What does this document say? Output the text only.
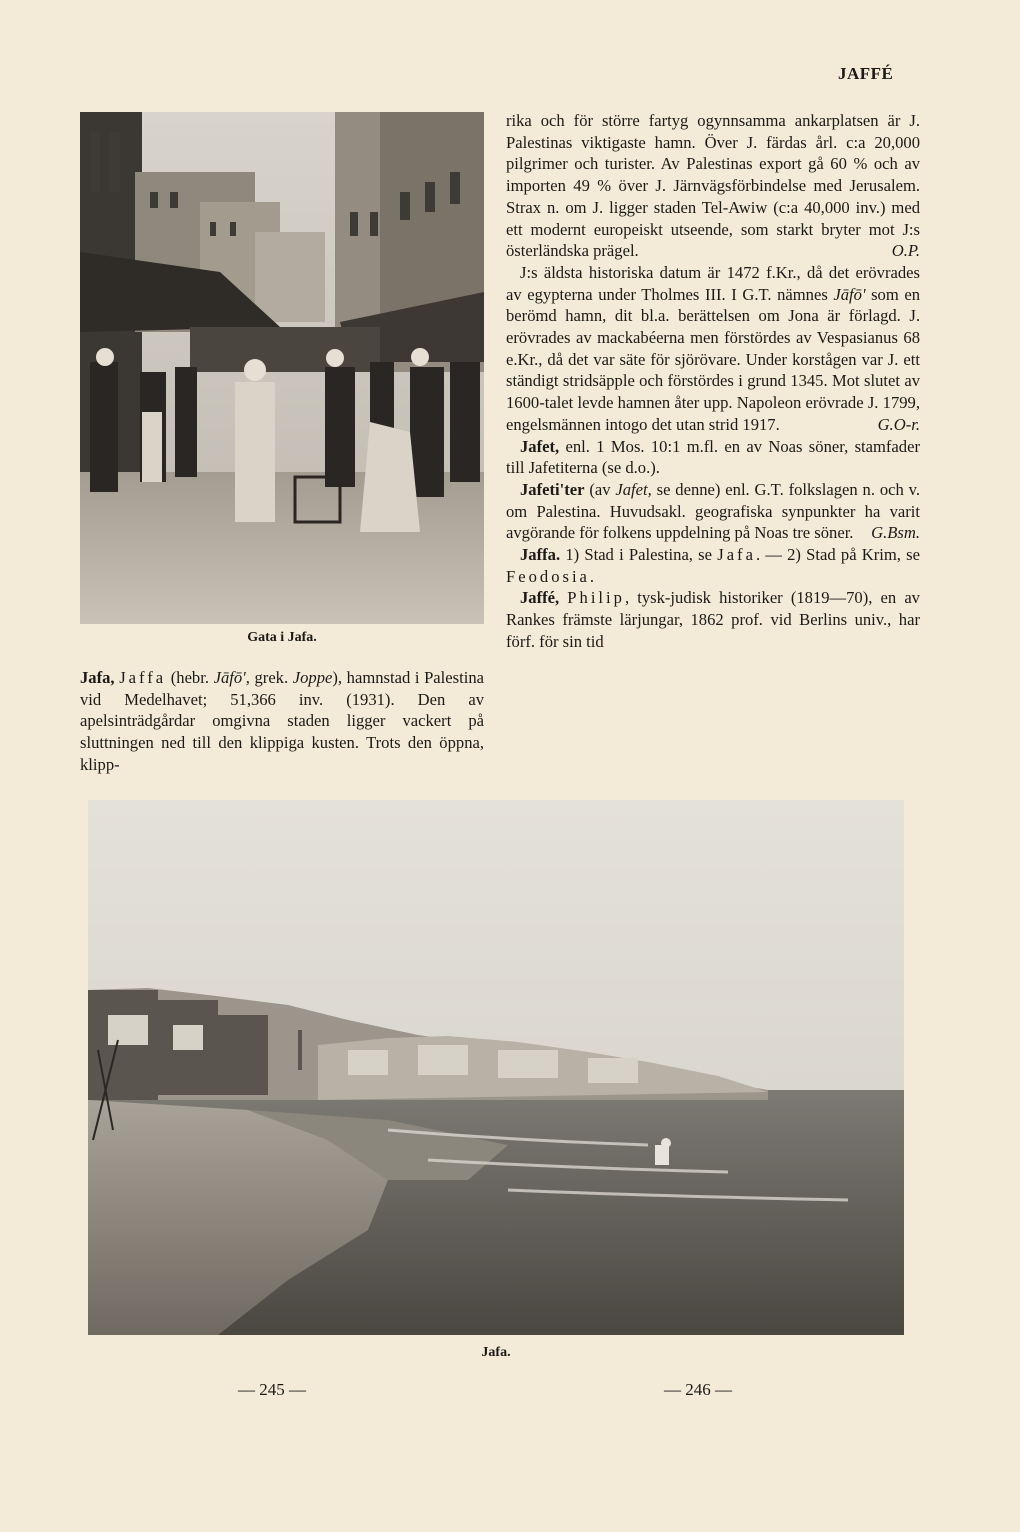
JAFFÉ
Gata i Jafa.

Jafa, Jaffa (hebr. Jāfō', grek. Joppe), hamnstad i Palestina vid Medelhavet; 51,366 inv. (1931). Den av apelsinträdgårdar omgivna staden ligger vackert på sluttningen ned till den klippiga kusten. Trots den öppna, klipp-

rika och för större fartyg ogynnsamma ankarplatsen är J. Palestinas viktigaste hamn. Över J. färdas årl. c:a 20,000 pilgrimer och turister. Av Palestinas export gå 60 % och av importen 49 % över J. Järnvägsförbindelse med Jerusalem. Strax n. om J. ligger staden Tel-Awiw (c:a 40,000 inv.) med ett modernt europeiskt utseende, som starkt bryter mot J:s österländska prägel.	O.P.

J:s äldsta historiska datum är 1472 f.Kr., då det erövrades av egypterna under Tholmes III. I G.T. nämnes Jāfō' som en berömd hamn, dit bl.a. berättelsen om Jona är förlagd. J. erövrades av mackabéerna men förstördes av Vespasianus 68 e.Kr., då det var säte för sjörövare. Under korstågen var J. ett ständigt stridsäpple och förstördes i grund 1345. Mot slutet av 1600-talet levde hamnen åter upp. Napoleon erövrade J. 1799, engelsmännen intogo det utan strid 1917.	G.O-r.

Jafet, enl. 1 Mos. 10:1 m.fl. en av Noas söner, stamfader till Jafetiterna (se d.o.).

Jafeti'ter (av Jafet, se denne) enl. G.T. folkslagen n. och v. om Palestina. Huvudsakl. geografiska synpunkter ha varit avgörande för folkens uppdelning på Noas tre söner.	G.Bsm.

Jaffa. 1) Stad i Palestina, se Jafa. — 2) Stad på Krim, se Feodosia.

Jaffé, Philip, tysk-judisk historiker (1819—70), en av Rankes främste lärjungar, 1862 prof. vid Berlins univ., har förf. för sin tid

Jafa.
— 245 —	— 246 —
